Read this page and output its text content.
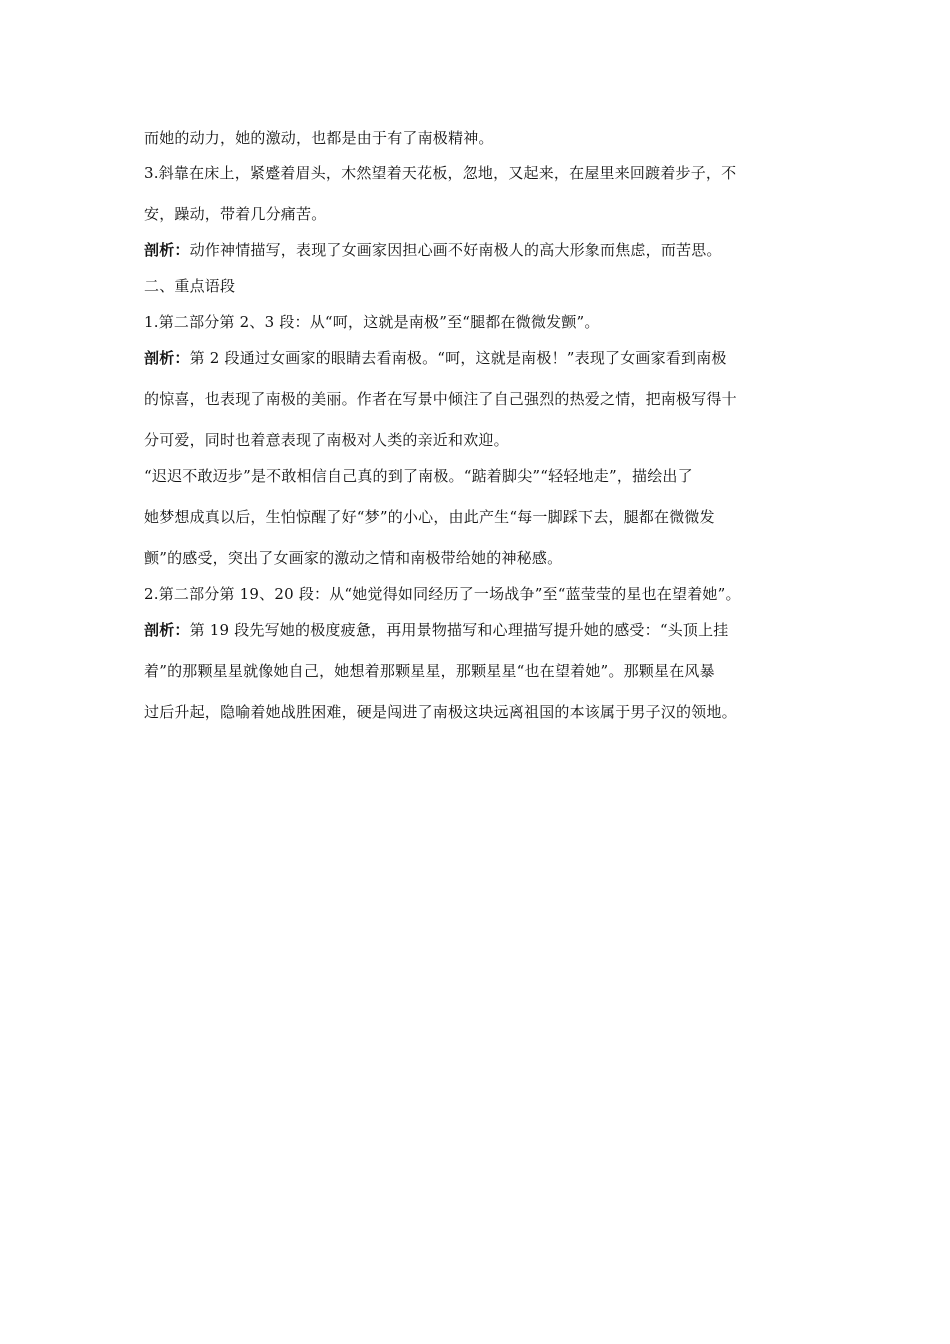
而她的动力，她的激动，也都是由于有了南极精神。
3.斜靠在床上，紧蹙着眉头，木然望着天花板，忽地，又起来，在屋里来回踱着步子，不
安，躁动，带着几分痛苦。
剖析：动作神情描写，表现了女画家因担心画不好南极人的高大形象而焦虑，而苦思。
二、重点语段
1.第二部分第 2、3 段：从“呵，这就是南极”至“腿都在微微发颤”。
剖析：第 2 段通过女画家的眼睛去看南极。“呵，这就是南极！”表现了女画家看到南极
的惊喜，也表现了南极的美丽。作者在写景中倾注了自己强烈的热爱之情，把南极写得十
分可爱，同时也着意表现了南极对人类的亲近和欢迎。
“迟迟不敢迈步”是不敢相信自己真的到了南极。“踮着脚尖”“轻轻地走”，描绘出了
她梦想成真以后，生怕惊醒了好“梦”的小心，由此产生“每一脚踩下去，腿都在微微发
颤”的感受，突出了女画家的激动之情和南极带给她的神秘感。
2.第二部分第 19、20 段：从“她觉得如同经历了一场战争”至“蓝莹莹的星也在望着她”。
剖析：第 19 段先写她的极度疲惫，再用景物描写和心理描写提升她的感受：“头顶上挂
着”的那颗星星就像她自己，她想着那颗星星，那颗星星“也在望着她”。那颗星在风暴
过后升起，隐喻着她战胜困难，硬是闯进了南极这块远离祖国的本该属于男子汉的领地。
